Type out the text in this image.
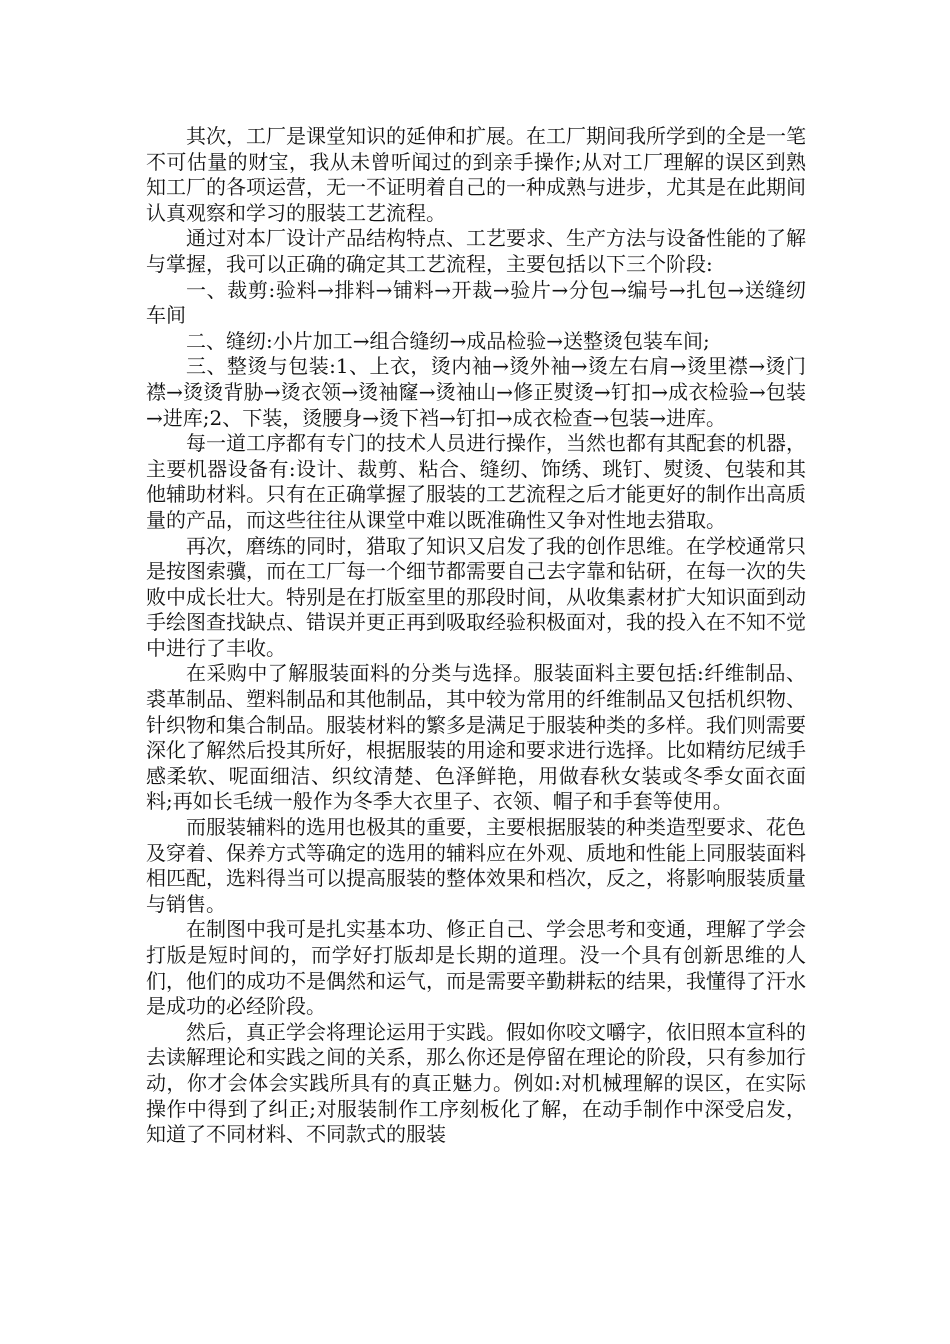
其次，工厂是课堂知识的延伸和扩展。在工厂期间我所学到的全是一笔不可估量的财宝，我从未曾听闻过的到亲手操作;从对工厂理解的误区到熟知工厂的各项运营，无一不证明着自己的一种成熟与进步，尤其是在此期间认真观察和学习的服装工艺流程。

通过对本厂设计产品结构特点、工艺要求、生产方法与设备性能的了解与掌握，我可以正确的确定其工艺流程，主要包括以下三个阶段:

一、裁剪:验料→排料→铺料→开裁→验片→分包→编号→扎包→送缝纫车间

二、缝纫:小片加工→组合缝纫→成品检验→送整烫包装车间;

三、整烫与包装:1、上衣，烫内袖→烫外袖→烫左右肩→烫里襟→烫门襟→烫烫背胁→烫衣领→烫袖窿→烫袖山→修正熨烫→钉扣→成衣检验→包装→进库;2、下装，烫腰身→烫下裆→钉扣→成衣检查→包装→进库。

每一道工序都有专门的技术人员进行操作，当然也都有其配套的机器，主要机器设备有:设计、裁剪、粘合、缝纫、饰绣、珧钉、熨烫、包装和其他辅助材料。只有在正确掌握了服装的工艺流程之后才能更好的制作出高质量的产品，而这些往往从课堂中难以既准确性又争对性地去猎取。

再次，磨练的同时，猎取了知识又启发了我的创作思维。在学校通常只是按图索骥，而在工厂每一个细节都需要自己去字靠和钻研，在每一次的失败中成长壮大。特别是在打版室里的那段时间，从收集素材扩大知识面到动手绘图查找缺点、错误并更正再到吸取经验积极面对，我的投入在不知不觉中进行了丰收。

在采购中了解服装面料的分类与选择。服装面料主要包括:纤维制品、裘革制品、塑料制品和其他制品，其中较为常用的纤维制品又包括机织物、针织物和集合制品。服装材料的繁多是满足于服装种类的多样。我们则需要深化了解然后投其所好，根据服装的用途和要求进行选择。比如精纺尼绒手感柔软、呢面细洁、织纹清楚、色泽鲜艳，用做春秋女装或冬季女面衣面料;再如长毛绒一般作为冬季大衣里子、衣领、帽子和手套等使用。

而服装辅料的选用也极其的重要，主要根据服装的种类造型要求、花色及穿着、保养方式等确定的选用的辅料应在外观、质地和性能上同服装面料相匹配，选料得当可以提高服装的整体效果和档次，反之，将影响服装质量与销售。

在制图中我可是扎实基本功、修正自己、学会思考和变通，理解了学会打版是短时间的，而学好打版却是长期的道理。没一个具有创新思维的人们，他们的成功不是偶然和运气，而是需要辛勤耕耘的结果，我懂得了汗水是成功的必经阶段。

然后，真正学会将理论运用于实践。假如你咬文嚼字，依旧照本宣科的去读解理论和实践之间的关系，那么你还是停留在理论的阶段，只有参加行动，你才会体会实践所具有的真正魅力。例如:对机械理解的误区，在实际操作中得到了纠正;对服装制作工序刻板化了解，在动手制作中深受启发，知道了不同材料、不同款式的服装
